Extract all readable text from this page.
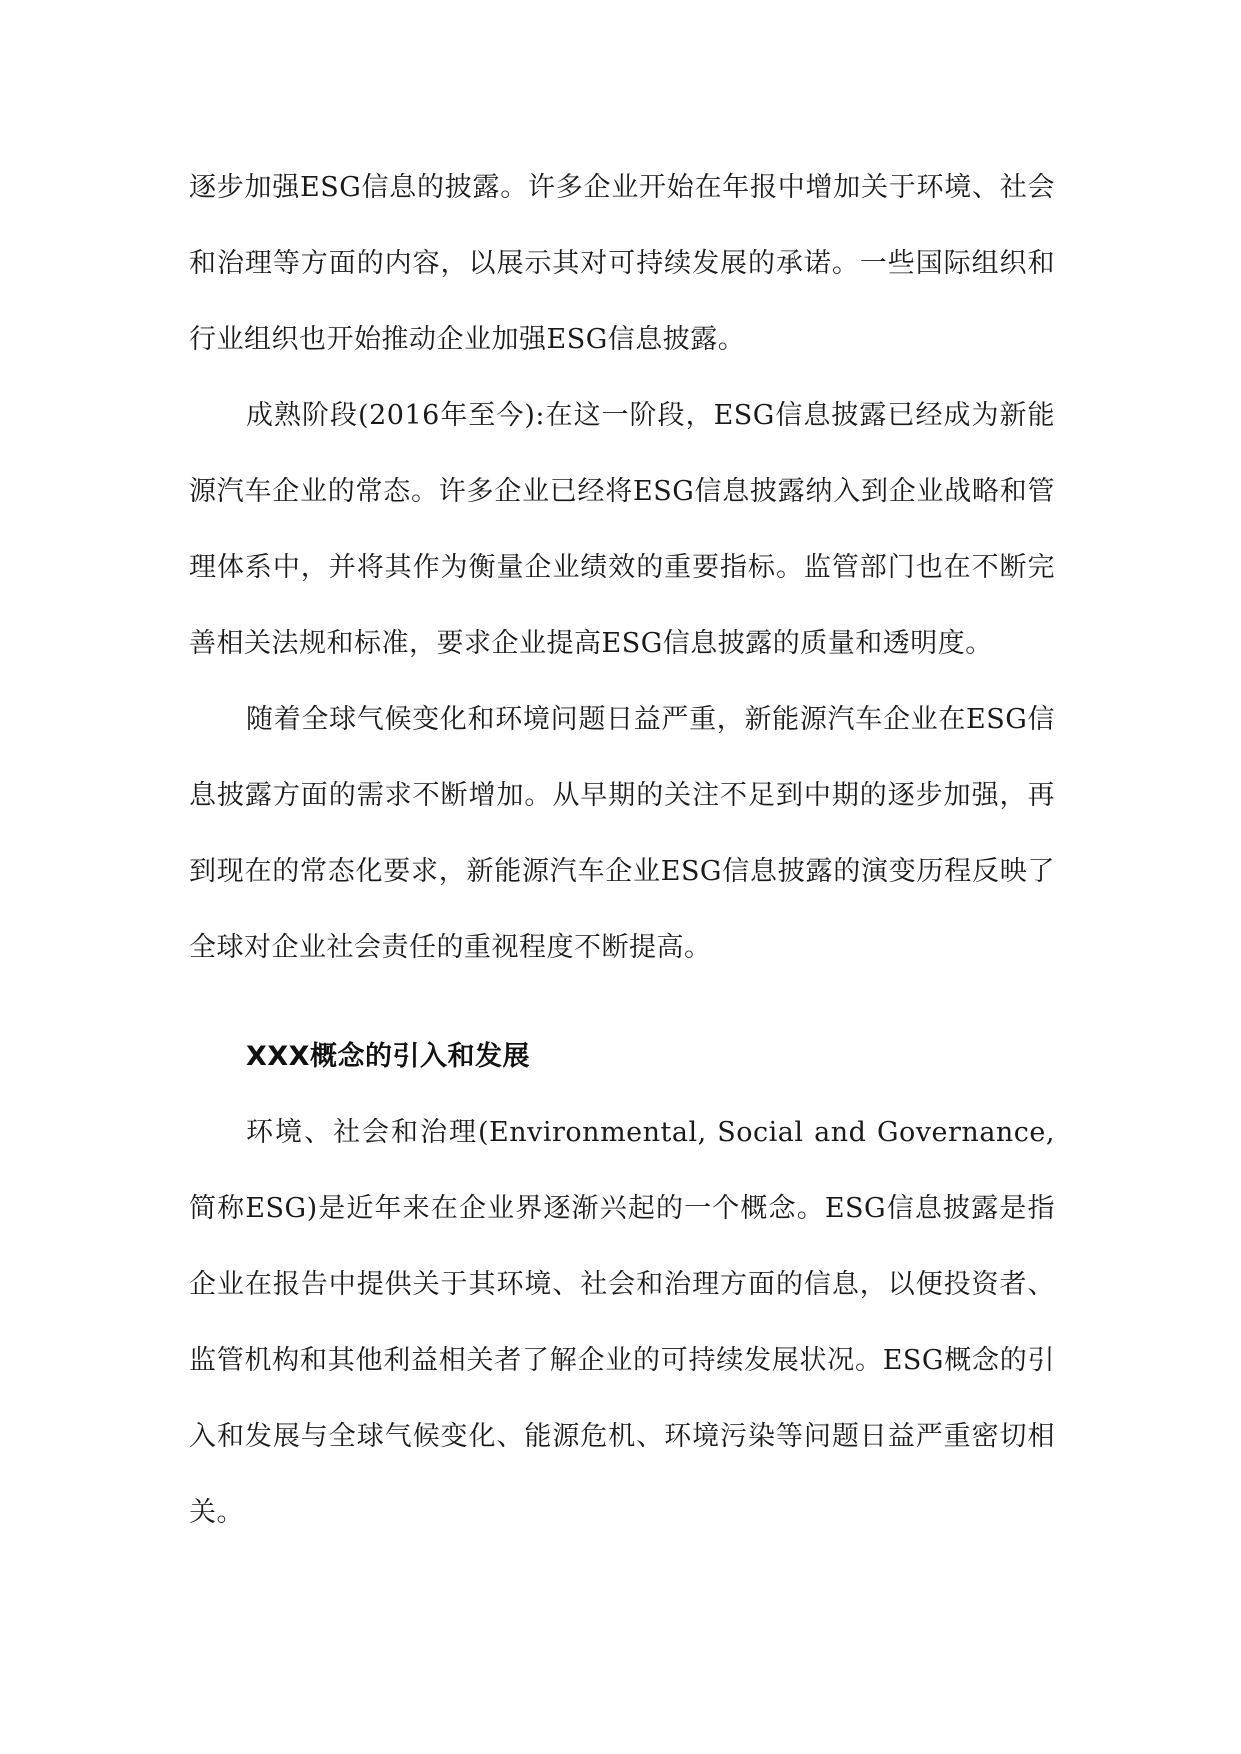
逐步加强ESG信息的披露。许多企业开始在年报中增加关于环境、社会和治理等方面的内容，以展示其对可持续发展的承诺。一些国际组织和行业组织也开始推动企业加强ESG信息披露。

成熟阶段(2016年至今):在这一阶段，ESG信息披露已经成为新能源汽车企业的常态。许多企业已经将ESG信息披露纳入到企业战略和管理体系中，并将其作为衡量企业绩效的重要指标。监管部门也在不断完善相关法规和标准，要求企业提高ESG信息披露的质量和透明度。

随着全球气候变化和环境问题日益严重，新能源汽车企业在ESG信息披露方面的需求不断增加。从早期的关注不足到中期的逐步加强，再到现在的常态化要求，新能源汽车企业ESG信息披露的演变历程反映了全球对企业社会责任的重视程度不断提高。

XXX概念的引入和发展

环境、社会和治理(Environmental, Social and Governance,简称ESG)是近年来在企业界逐渐兴起的一个概念。ESG信息披露是指企业在报告中提供关于其环境、社会和治理方面的信息，以便投资者、监管机构和其他利益相关者了解企业的可持续发展状况。ESG概念的引入和发展与全球气候变化、能源危机、环境污染等问题日益严重密切相关。
